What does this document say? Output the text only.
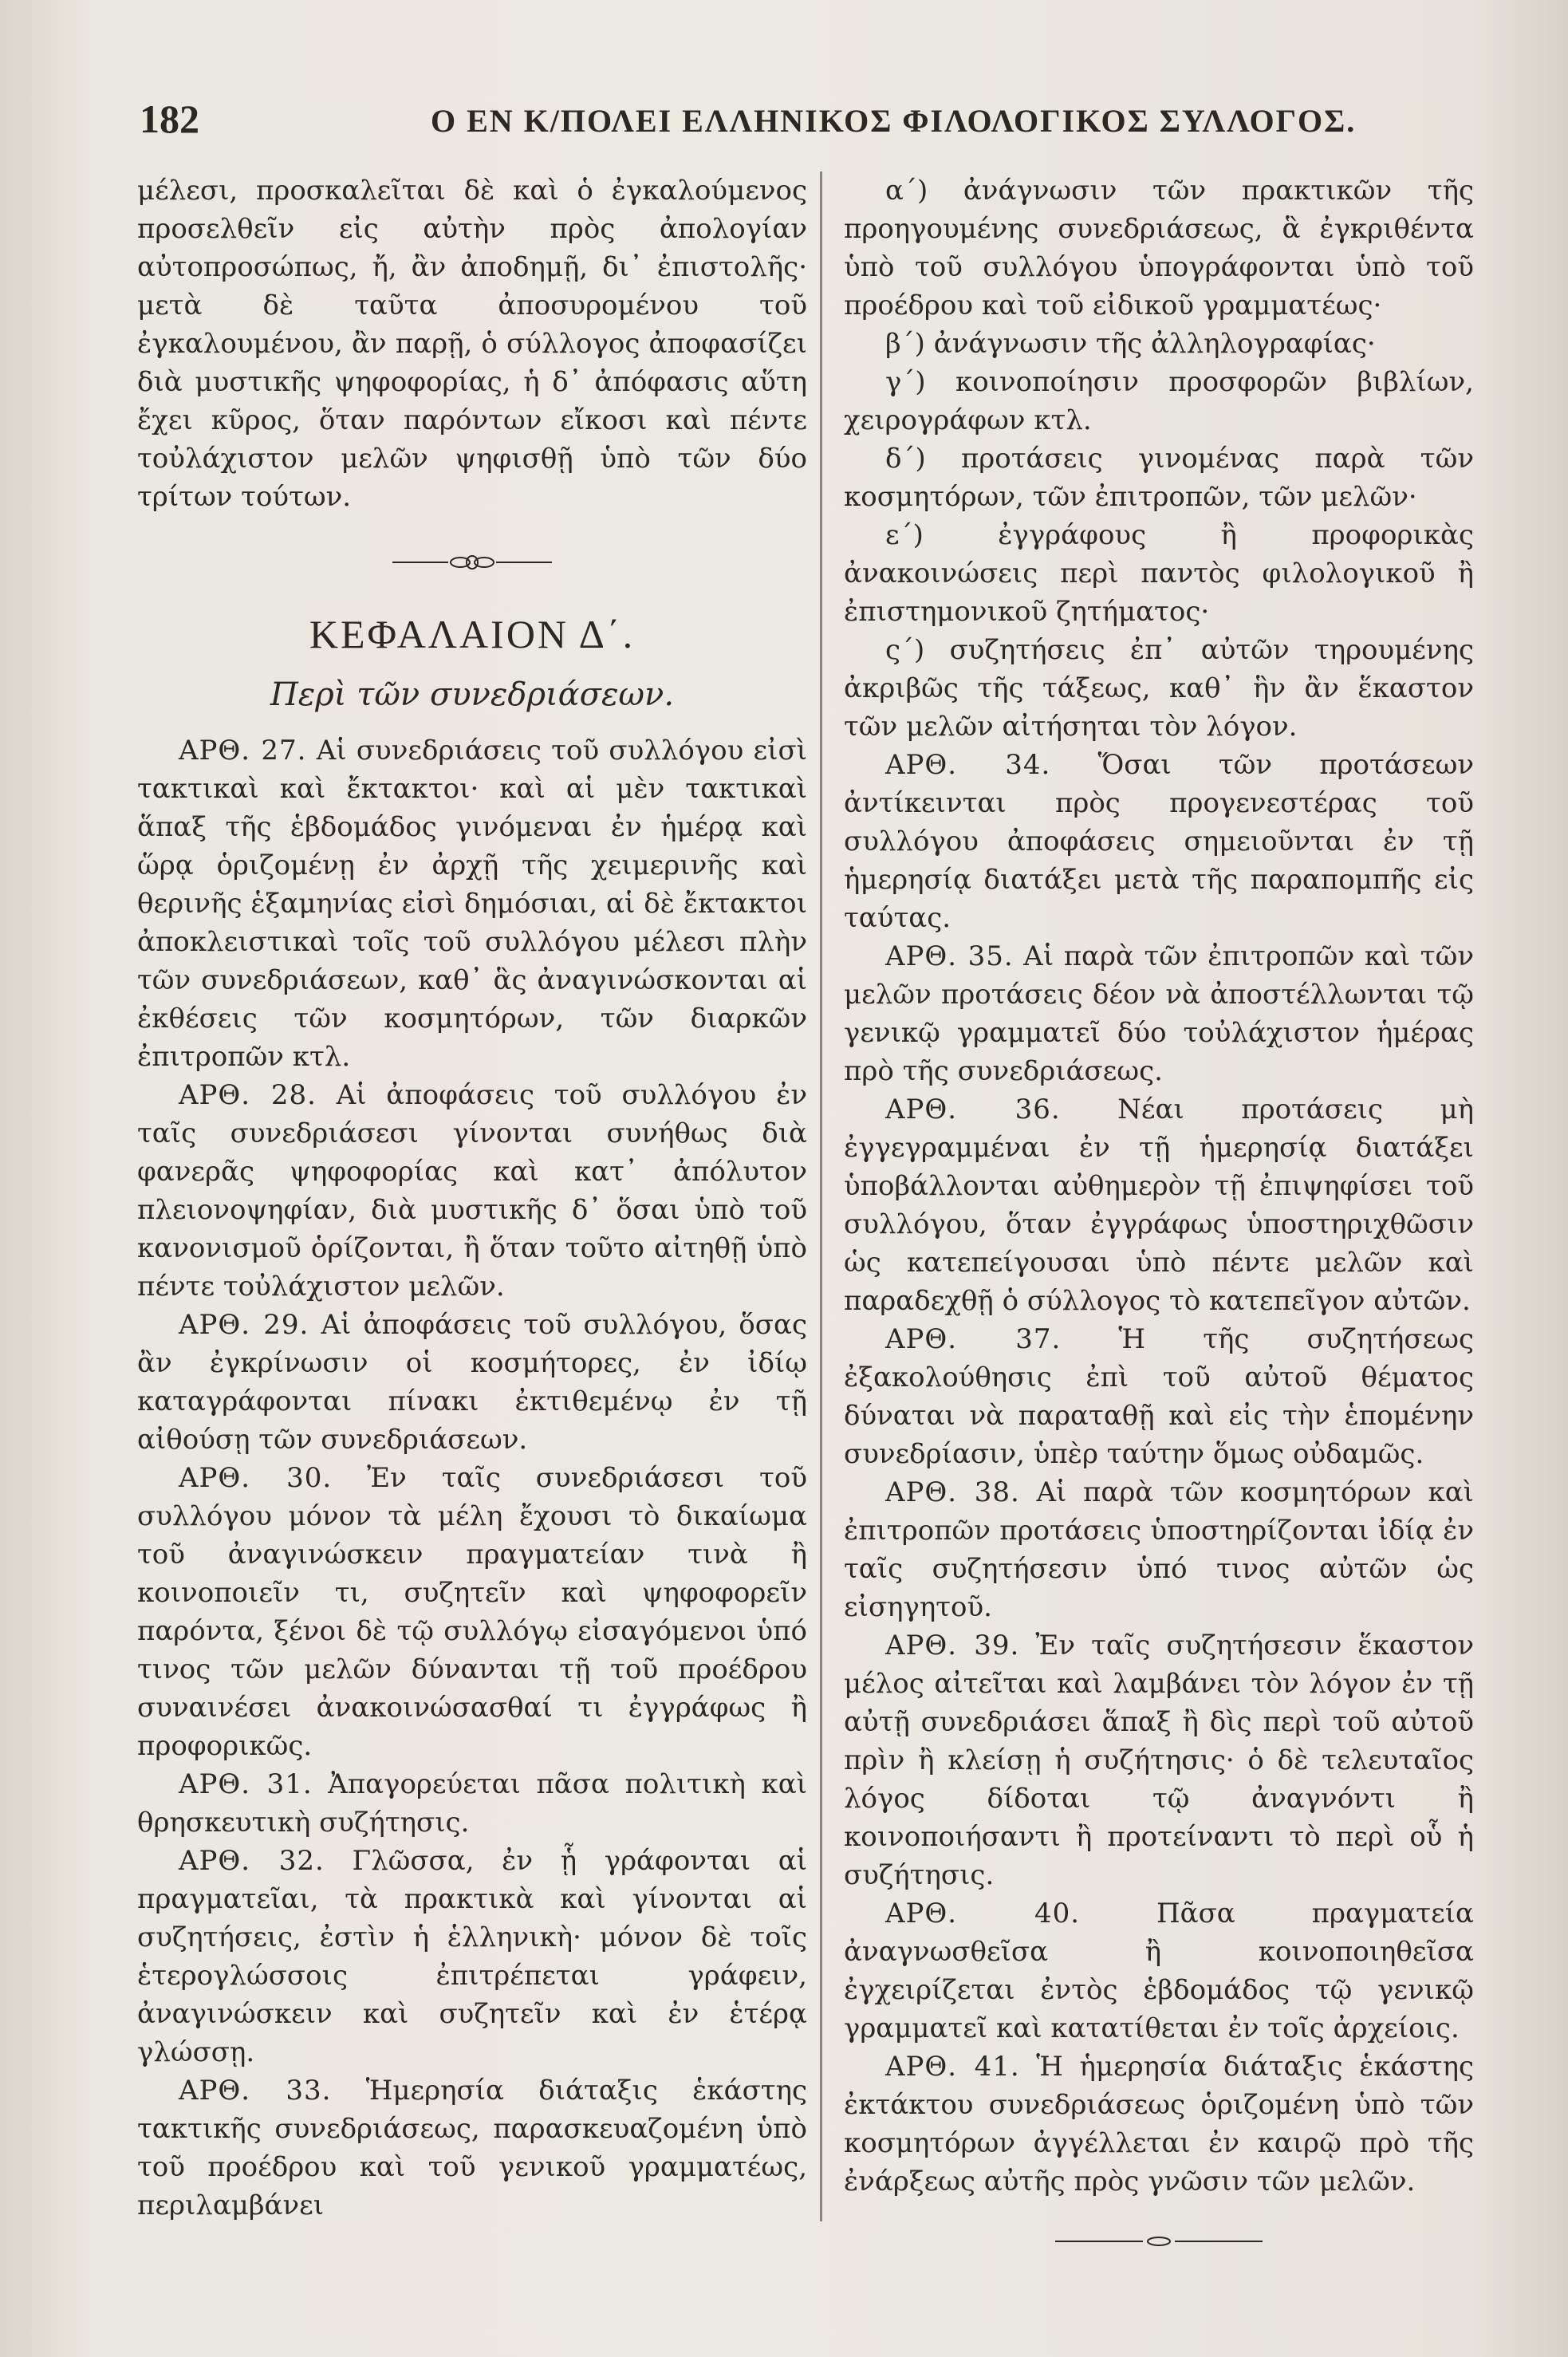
182	Ο ΕΝ Κ/ΠΟΛΕΙ ΕΛΛΗΝΙΚΟΣ ΦΙΛΟΛΟΓΙΚΟΣ ΣΥΛΛΟΓΟΣ.

μέλεσι, προσκαλεῖται δὲ καὶ ὁ ἐγκαλούμενος προσελθεῖν εἰς αὐτὴν πρὸς ἀπολογίαν αὐτοπροσώπως, ἤ, ἂν ἀποδημῇ, δι᾽ ἐπιστολῆς· μετὰ δὲ ταῦτα ἀποσυρομένου τοῦ ἐγκαλουμένου, ἂν παρῇ, ὁ σύλλογος ἀποφασίζει διὰ μυστικῆς ψηφοφορίας, ἡ δ᾽ ἀπόφασις αὕτη ἔχει κῦρος, ὅταν παρόντων εἴκοσι καὶ πέντε τοὐλάχιστον μελῶν ψηφισθῇ ὑπὸ τῶν δύο τρίτων τούτων.

ΚΕΦΑΛΑΙΟΝ Δ΄.

Περὶ τῶν συνεδριάσεων.

ΑΡΘ. 27. Αἱ συνεδριάσεις τοῦ συλλόγου εἰσὶ τακτικαὶ καὶ ἔκτακτοι· καὶ αἱ μὲν τακτικαὶ ἅπαξ τῆς ἑβδομάδος γινόμεναι ἐν ἡμέρᾳ καὶ ὥρᾳ ὁριζομένῃ ἐν ἀρχῇ τῆς χειμερινῆς καὶ θερινῆς ἑξαμηνίας εἰσὶ δημόσιαι, αἱ δὲ ἔκτακτοι ἀποκλειστικαὶ τοῖς τοῦ συλλόγου μέλεσι πλὴν τῶν συνεδριάσεων, καθ᾽ ἃς ἀναγινώσκονται αἱ ἐκθέσεις τῶν κοσμητόρων, τῶν διαρκῶν ἐπιτροπῶν κτλ.

ΑΡΘ. 28. Αἱ ἀποφάσεις τοῦ συλλόγου ἐν ταῖς συνεδριάσεσι γίνονται συνήθως διὰ φανερᾶς ψηφοφορίας καὶ κατ᾽ ἀπόλυτον πλειονοψηφίαν, διὰ μυστικῆς δ᾽ ὅσαι ὑπὸ τοῦ κανονισμοῦ ὁρίζονται, ἢ ὅταν τοῦτο αἰτηθῇ ὑπὸ πέντε τοὐλάχιστον μελῶν.

ΑΡΘ. 29. Αἱ ἀποφάσεις τοῦ συλλόγου, ὅσας ἂν ἐγκρίνωσιν οἱ κοσμήτορες, ἐν ἰδίῳ καταγράφονται πίνακι ἐκτιθεμένῳ ἐν τῇ αἰθούσῃ τῶν συνεδριάσεων.

ΑΡΘ. 30. Ἐν ταῖς συνεδριάσεσι τοῦ συλλόγου μόνον τὰ μέλη ἔχουσι τὸ δικαίωμα τοῦ ἀναγινώσκειν πραγματείαν τινὰ ἢ κοινοποιεῖν τι, συζητεῖν καὶ ψηφοφορεῖν παρόντα, ξένοι δὲ τῷ συλλόγῳ εἰσαγόμενοι ὑπό τινος τῶν μελῶν δύνανται τῇ τοῦ προέδρου συναινέσει ἀνακοινώσασθαί τι ἐγγράφως ἢ προφορικῶς.

ΑΡΘ. 31. Ἀπαγορεύεται πᾶσα πολιτικὴ καὶ θρησκευτικὴ συζήτησις.

ΑΡΘ. 32. Γλῶσσα, ἐν ᾗ γράφονται αἱ πραγματεῖαι, τὰ πρακτικὰ καὶ γίνονται αἱ συζητήσεις, ἐστὶν ἡ ἑλληνικὴ· μόνον δὲ τοῖς ἑτερογλώσσοις ἐπιτρέπεται γράφειν, ἀναγινώσκειν καὶ συζητεῖν καὶ ἐν ἑτέρᾳ γλώσσῃ.

ΑΡΘ. 33. Ἡμερησία διάταξις ἑκάστης τακτικῆς συνεδριάσεως, παρασκευαζομένη ὑπὸ τοῦ προέδρου καὶ τοῦ γενικοῦ γραμματέως, περιλαμβάνει

α΄) ἀνάγνωσιν τῶν πρακτικῶν τῆς προηγουμένης συνεδριάσεως, ἃ ἐγκριθέντα ὑπὸ τοῦ συλλόγου ὑπογράφονται ὑπὸ τοῦ προέδρου καὶ τοῦ εἰδικοῦ γραμματέως·

β΄) ἀνάγνωσιν τῆς ἀλληλογραφίας·

γ΄) κοινοποίησιν προσφορῶν βιβλίων, χειρογράφων κτλ.

δ΄) προτάσεις γινομένας παρὰ τῶν κοσμητόρων, τῶν ἐπιτροπῶν, τῶν μελῶν·

ε΄) ἐγγράφους ἢ προφορικὰς ἀνακοινώσεις περὶ παντὸς φιλολογικοῦ ἢ ἐπιστημονικοῦ ζητήματος·

ς΄) συζητήσεις ἐπ᾽ αὐτῶν τηρουμένης ἀκριβῶς τῆς τάξεως, καθ᾽ ἣν ἂν ἕκαστον τῶν μελῶν αἰτήσηται τὸν λόγον.

ΑΡΘ. 34. Ὅσαι τῶν προτάσεων ἀντίκεινται πρὸς προγενεστέρας τοῦ συλλόγου ἀποφάσεις σημειοῦνται ἐν τῇ ἡμερησίᾳ διατάξει μετὰ τῆς παραπομπῆς εἰς ταύτας.

ΑΡΘ. 35. Αἱ παρὰ τῶν ἐπιτροπῶν καὶ τῶν μελῶν προτάσεις δέον νὰ ἀποστέλλωνται τῷ γενικῷ γραμματεῖ δύο τοὐλάχιστον ἡμέρας πρὸ τῆς συνεδριάσεως.

ΑΡΘ. 36. Νέαι προτάσεις μὴ ἐγγεγραμμέναι ἐν τῇ ἡμερησίᾳ διατάξει ὑποβάλλονται αὐθημερὸν τῇ ἐπιψηφίσει τοῦ συλλόγου, ὅταν ἐγγράφως ὑποστηριχθῶσιν ὡς κατεπείγουσαι ὑπὸ πέντε μελῶν καὶ παραδεχθῇ ὁ σύλλογος τὸ κατεπεῖγον αὐτῶν.

ΑΡΘ. 37. Ἡ τῆς συζητήσεως ἐξακολούθησις ἐπὶ τοῦ αὐτοῦ θέματος δύναται νὰ παραταθῇ καὶ εἰς τὴν ἑπομένην συνεδρίασιν, ὑπὲρ ταύτην ὅμως οὐδαμῶς.

ΑΡΘ. 38. Αἱ παρὰ τῶν κοσμητόρων καὶ ἐπιτροπῶν προτάσεις ὑποστηρίζονται ἰδίᾳ ἐν ταῖς συζητήσεσιν ὑπό τινος αὐτῶν ὡς εἰσηγητοῦ.

ΑΡΘ. 39. Ἐν ταῖς συζητήσεσιν ἕκαστον μέλος αἰτεῖται καὶ λαμβάνει τὸν λόγον ἐν τῇ αὐτῇ συνεδριάσει ἅπαξ ἢ δὶς περὶ τοῦ αὐτοῦ πρὶν ἢ κλείσῃ ἡ συζήτησις· ὁ δὲ τελευταῖος λόγος δίδοται τῷ ἀναγνόντι ἢ κοινοποιήσαντι ἢ προτείναντι τὸ περὶ οὗ ἡ συζήτησις.

ΑΡΘ. 40.	Πᾶσα πραγματεία ἀναγνωσθεῖσα ἢ κοινοποιηθεῖσα ἐγχειρίζεται ἐντὸς ἑβδομάδος τῷ γενικῷ γραμματεῖ καὶ κατατίθεται ἐν τοῖς ἀρχείοις.

ΑΡΘ. 41. Ἡ ἡμερησία διάταξις ἑκάστης ἐκτάκτου συνεδριάσεως ὁριζομένη ὑπὸ τῶν κοσμητόρων ἀγγέλλεται ἐν καιρῷ πρὸ τῆς ἐνάρξεως αὐτῆς πρὸς γνῶσιν τῶν μελῶν.
